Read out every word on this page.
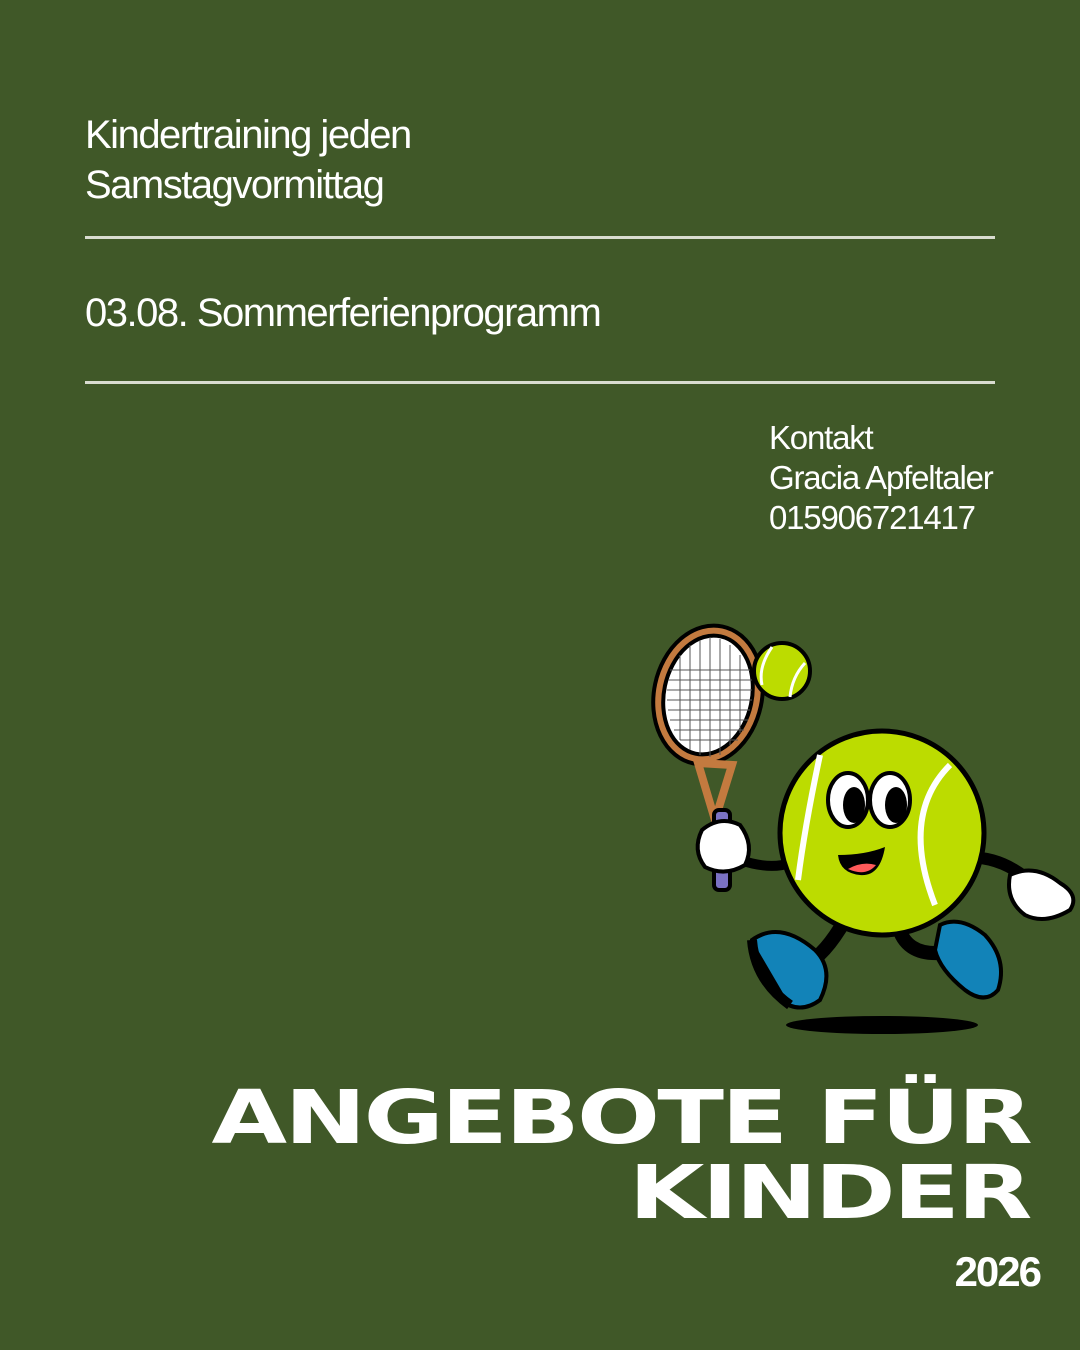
Kindertraining jeden
Samstagvormittag
03.08. Sommerferienprogramm
Kontakt
Gracia Apfeltaler
015906721417
ANGEBOTE FÜR
KINDER
2026
